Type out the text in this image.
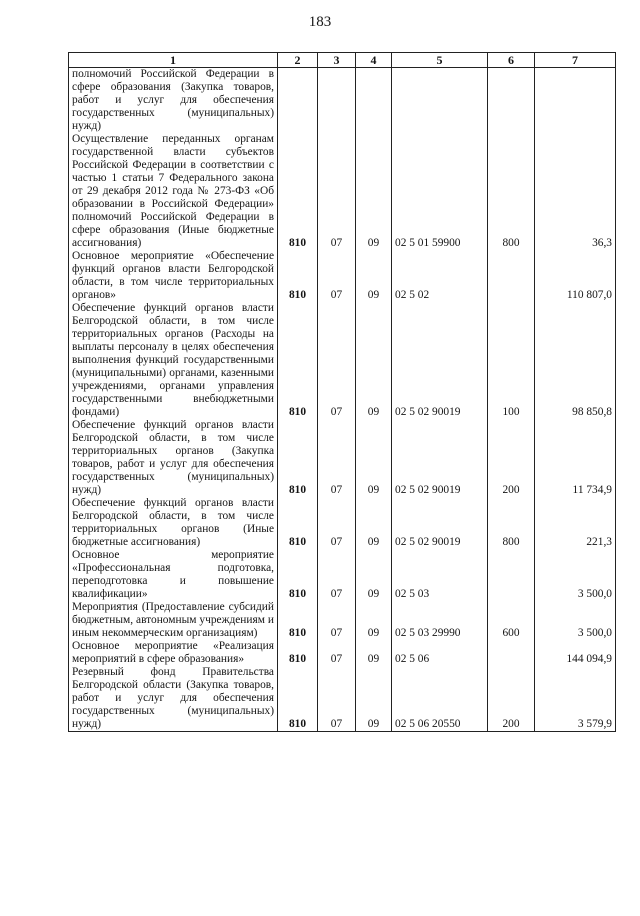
183
1	2	3	4	5	6	7
полномочий Российской Федерации в сфере образования (Закупка товаров, работ и услуг для обеспечения государственных (муниципальных) нужд)						
Осуществление переданных органам государственной власти субъектов Российской Федерации в соответствии с частью 1 статьи 7 Федерального закона от 29 декабря 2012 года № 273-ФЗ «Об образовании в Российской Федерации» полномочий Российской Федерации в сфере образования (Иные бюджетные ассигнования)	810	07	09	02 5 01 59900	800	36,3
Основное мероприятие «Обеспечение функций органов власти Белгородской области, в том числе территориальных органов»	810	07	09	02 5 02		110 807,0
Обеспечение функций органов власти Белгородской области, в том числе территориальных органов (Расходы на выплаты персоналу в целях обеспечения выполнения функций государственными (муниципальными) органами, казенными учреждениями, органами управления государственными внебюджетными фондами)	810	07	09	02 5 02 90019	100	98 850,8
Обеспечение функций органов власти Белгородской области, в том числе территориальных органов (Закупка товаров, работ и услуг для обеспечения государственных (муниципальных) нужд)	810	07	09	02 5 02 90019	200	11 734,9
Обеспечение функций органов власти Белгородской области, в том числе территориальных органов (Иные бюджетные ассигнования)	810	07	09	02 5 02 90019	800	221,3
Основное мероприятие «Профессиональная подготовка, переподготовка и повышение квалификации»	810	07	09	02 5 03		3 500,0
Мероприятия (Предоставление субсидий бюджетным, автономным учреждениям и иным некоммерческим организациям)	810	07	09	02 5 03 29990	600	3 500,0
Основное мероприятие «Реализация мероприятий в сфере образования»	810	07	09	02 5 06		144 094,9
Резервный фонд Правительства Белгородской области (Закупка товаров, работ и услуг для обеспечения государственных (муниципальных) нужд)	810	07	09	02 5 06 20550	200	3 579,9
